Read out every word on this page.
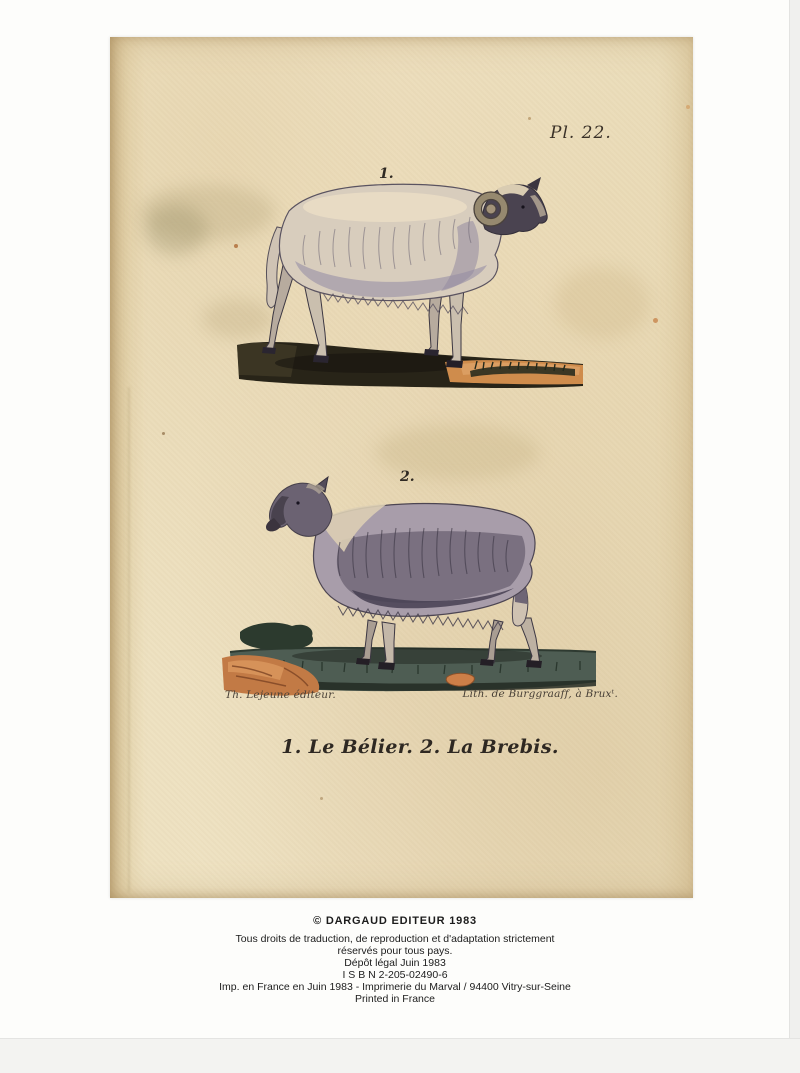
Pl. 22.
1.
2.
Th. Lejeune éditeur.	Lith. de Burggraaff, à Bruxᵗ.
1. Le Bélier. 2. La Brebis.
© DARGAUD EDITEUR 1983
Tous droits de traduction, de reproduction et d'adaptation strictement
réservés pour tous pays.
Dépôt légal Juin 1983
I S B N 2-205-02490-6
Imp. en France en Juin 1983 - Imprimerie du Marval / 94400 Vitry-sur-Seine
Printed in France
